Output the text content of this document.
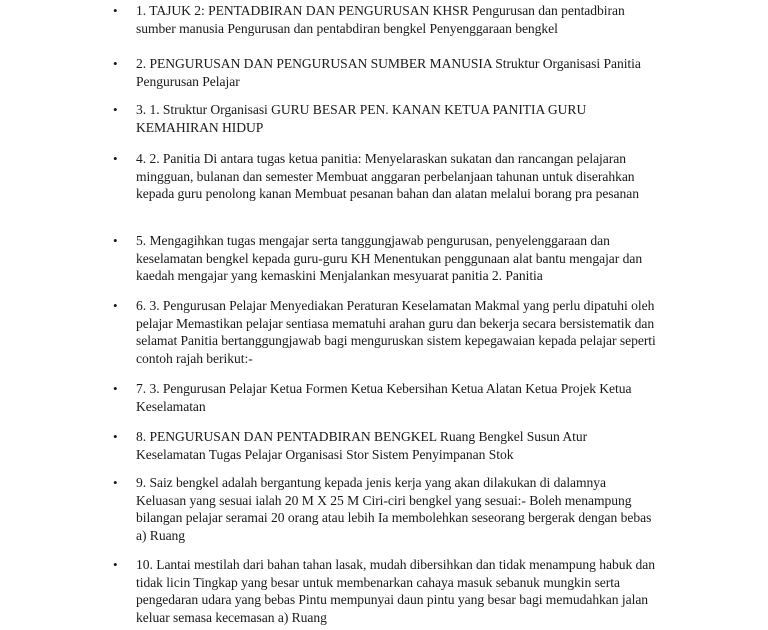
• 1. TAJUK 2: PENTADBIRAN DAN PENGURUSAN KHSR Pengurusan dan pentadbiran sumber manusia Pengurusan dan pentabdiran bengkel Penyenggaraan bengkel
• 2. PENGURUSAN DAN PENGURUSAN SUMBER MANUSIA Struktur Organisasi Panitia Pengurusan Pelajar
• 3. 1. Struktur Organisasi GURU BESAR PEN. KANAN KETUA PANITIA GURU KEMAHIRAN HIDUP
• 4. 2. Panitia Di antara tugas ketua panitia: Menyelaraskan sukatan dan rancangan pelajaran mingguan, bulanan dan semester Membuat anggaran perbelanjaan tahunan untuk diserahkan kepada guru penolong kanan Membuat pesanan bahan dan alatan melalui borang pra pesanan
• 5. Mengagihkan tugas mengajar serta tanggungjawab pengurusan, penyelenggaraan dan keselamatan bengkel kepada guru-guru KH Menentukan penggunaan alat bantu mengajar dan kaedah mengajar yang kemaskini Menjalankan mesyuarat panitia 2. Panitia
• 6. 3. Pengurusan Pelajar Menyediakan Peraturan Keselamatan Makmal yang perlu dipatuhi oleh pelajar Memastikan pelajar sentiasa mematuhi arahan guru dan bekerja secara bersistematik dan selamat Panitia bertanggungjawab bagi menguruskan sistem kepegawaian kepada pelajar seperti contoh rajah berikut:-
• 7. 3. Pengurusan Pelajar Ketua Formen Ketua Kebersihan Ketua Alatan Ketua Projek Ketua Keselamatan
• 8. PENGURUSAN DAN PENTADBIRAN BENGKEL Ruang Bengkel Susun Atur Keselamatan Tugas Pelajar Organisasi Stor Sistem Penyimpanan Stok
• 9. Saiz bengkel adalah bergantung kepada jenis kerja yang akan dilakukan di dalamnya Keluasan yang sesuai ialah 20 M X 25 M Ciri-ciri bengkel yang sesuai:- Boleh menampung bilangan pelajar seramai 20 orang atau lebih Ia membolehkan seseorang bergerak dengan bebas a) Ruang
• 10. Lantai mestilah dari bahan tahan lasak, mudah dibersihkan dan tidak menampung habuk dan tidak licin Tingkap yang besar untuk membenarkan cahaya masuk sebanuk mungkin serta pengedaran udara yang bebas Pintu mempunyai daun pintu yang besar bagi memudahkan jalan keluar semasa kecemasan a) Ruang
